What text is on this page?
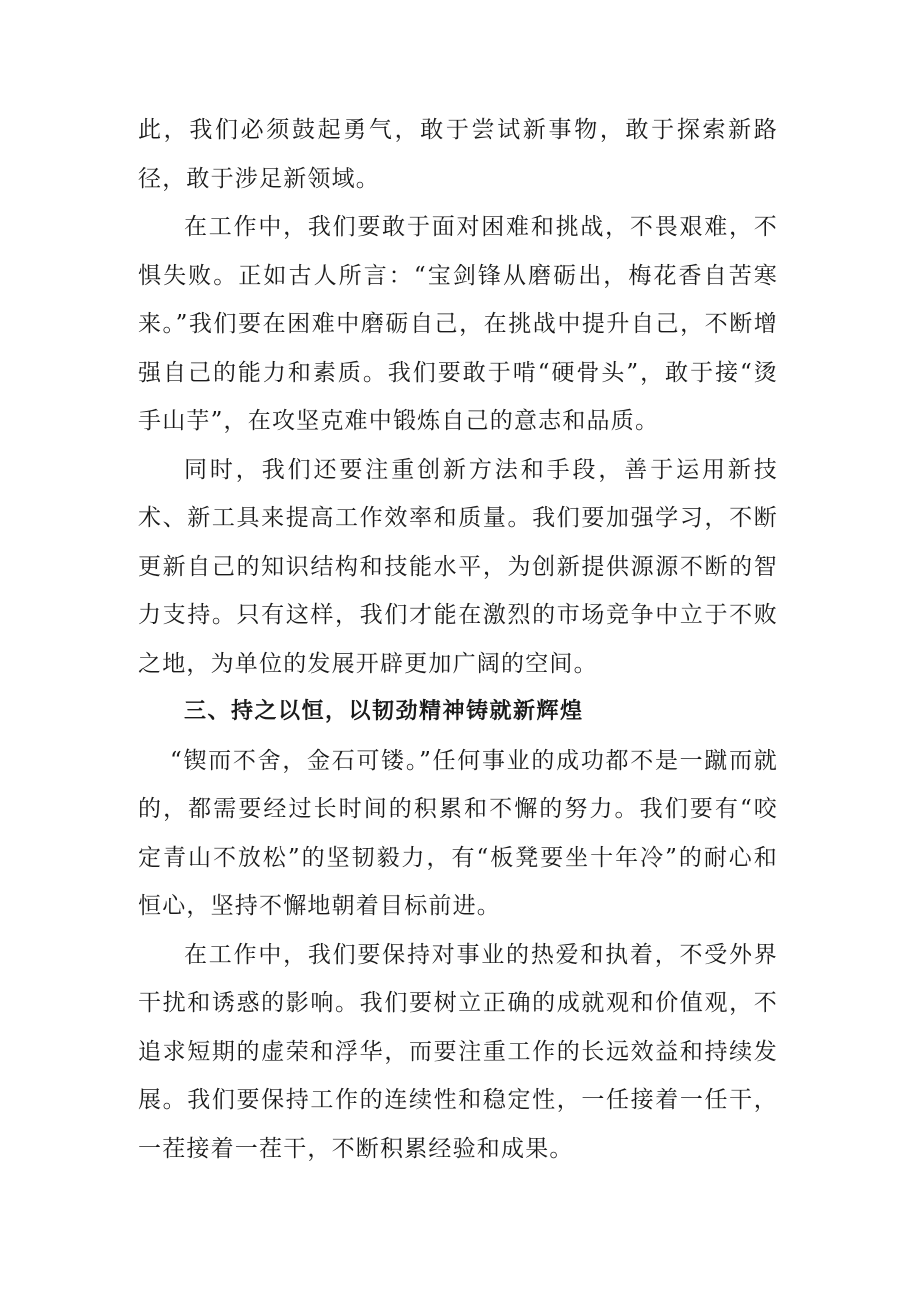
此，我们必须鼓起勇气，敢于尝试新事物，敢于探索新路径，敢于涉足新领域。

在工作中，我们要敢于面对困难和挑战，不畏艰难，不惧失败。正如古人所言：“宝剑锋从磨砺出，梅花香自苦寒来。”我们要在困难中磨砺自己，在挑战中提升自己，不断增强自己的能力和素质。我们要敢于啃“硬骨头”，敢于接“烫手山芋”，在攻坚克难中锻炼自己的意志和品质。

同时，我们还要注重创新方法和手段，善于运用新技术、新工具来提高工作效率和质量。我们要加强学习，不断更新自己的知识结构和技能水平，为创新提供源源不断的智力支持。只有这样，我们才能在激烈的市场竞争中立于不败之地，为单位的发展开辟更加广阔的空间。

三、持之以恒，以韧劲精神铸就新辉煌

“锲而不舍，金石可镂。”任何事业的成功都不是一蹴而就的，都需要经过长时间的积累和不懈的努力。我们要有“咬定青山不放松”的坚韧毅力，有“板凳要坐十年冷”的耐心和恒心，坚持不懈地朝着目标前进。

在工作中，我们要保持对事业的热爱和执着，不受外界干扰和诱惑的影响。我们要树立正确的成就观和价值观，不追求短期的虚荣和浮华，而要注重工作的长远效益和持续发展。我们要保持工作的连续性和稳定性，一任接着一任干，一茬接着一茬干，不断积累经验和成果。
